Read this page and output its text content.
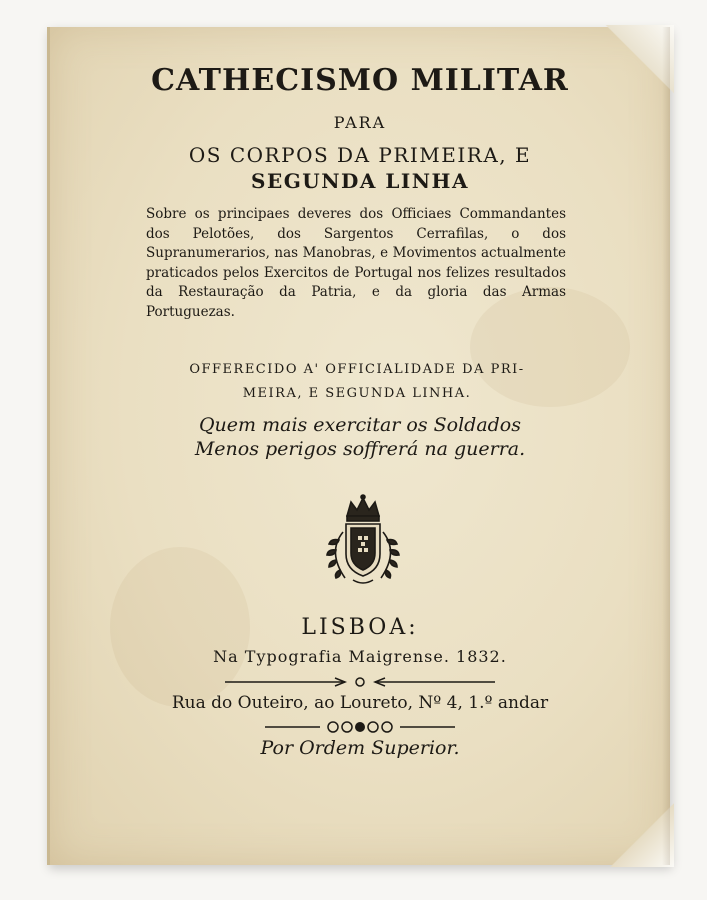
CATHECISMO MILITAR
PARA
OS CORPOS DA PRIMEIRA, E
SEGUNDA LINHA
Sobre os principaes deveres dos Officiaes Commandantes dos Pelotões, dos Sargentos Cerrafilas, o dos Supranumerarios, nas Manobras, e Movimentos actualmente praticados pelos Exercitos de Portugal nos felizes resultados da Restauração da Patria, e da gloria das Armas Portuguezas.
OFFERECIDO A' OFFICIALIDADE DA PRI-
MEIRA, E SEGUNDA LINHA.
Quem mais exercitar os Soldados
Menos perigos soffrerá na guerra.
LISBOA:
Na Typografia Maigrense. 1832.
Rua do Outeiro, ao Loureto, Nº 4, 1.º andar
Por Ordem Superior.
